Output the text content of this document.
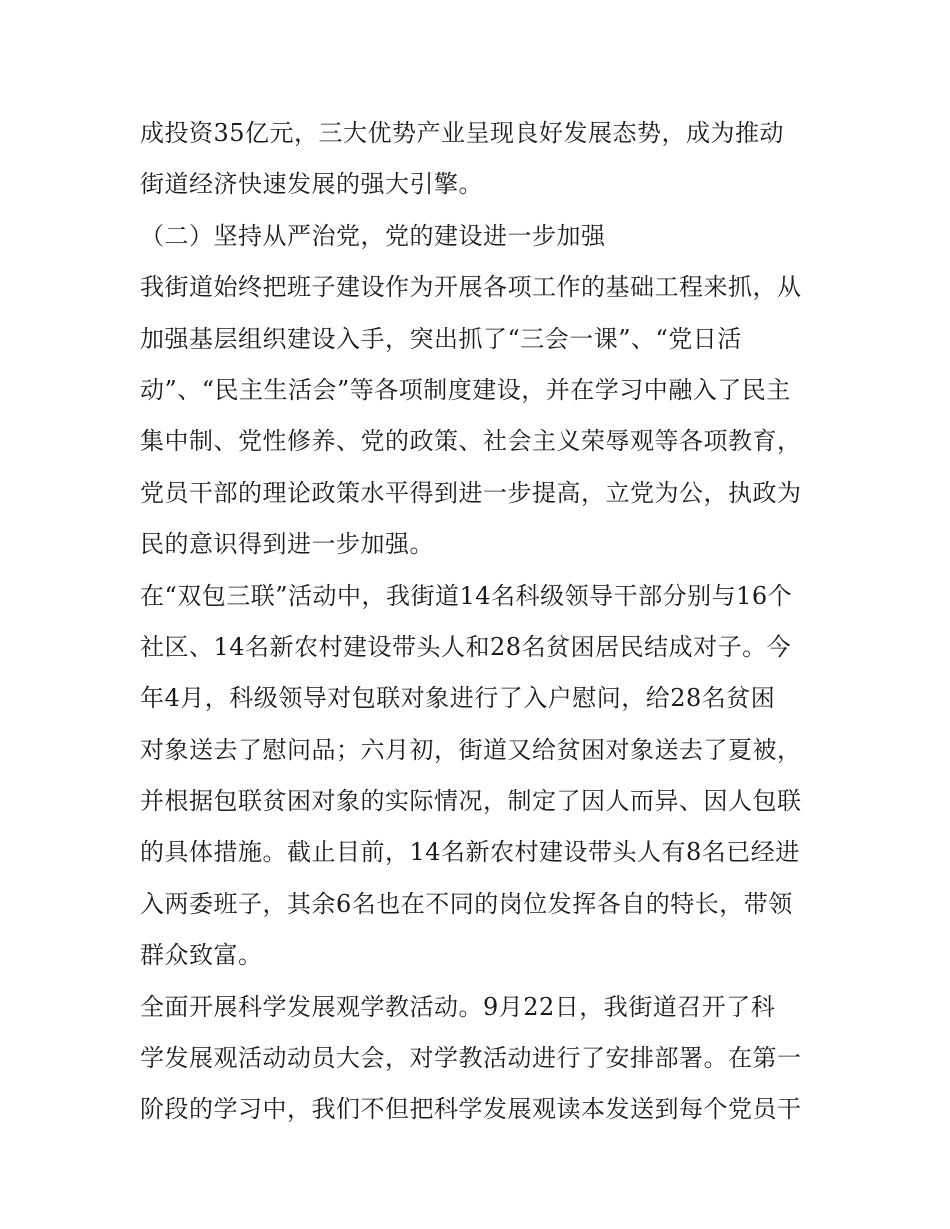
成投资35亿元，三大优势产业呈现良好发展态势，成为推动
街道经济快速发展的强大引擎。
（二）坚持从严治党，党的建设进一步加强
我街道始终把班子建设作为开展各项工作的基础工程来抓，从
加强基层组织建设入手，突出抓了“三会一课”、“党日活
动”、“民主生活会”等各项制度建设，并在学习中融入了民主
集中制、党性修养、党的政策、社会主义荣辱观等各项教育，
党员干部的理论政策水平得到进一步提高，立党为公，执政为
民的意识得到进一步加强。
在“双包三联”活动中，我街道14名科级领导干部分别与16个
社区、14名新农村建设带头人和28名贫困居民结成对子。今
年4月，科级领导对包联对象进行了入户慰问，给28名贫困
对象送去了慰问品；六月初，街道又给贫困对象送去了夏被，
并根据包联贫困对象的实际情况，制定了因人而异、因人包联
的具体措施。截止目前，14名新农村建设带头人有8名已经进
入两委班子，其余6名也在不同的岗位发挥各自的特长，带领
群众致富。
全面开展科学发展观学教活动。9月22日，我街道召开了科
学发展观活动动员大会，对学教活动进行了安排部署。在第一
阶段的学习中，我们不但把科学发展观读本发送到每个党员干
